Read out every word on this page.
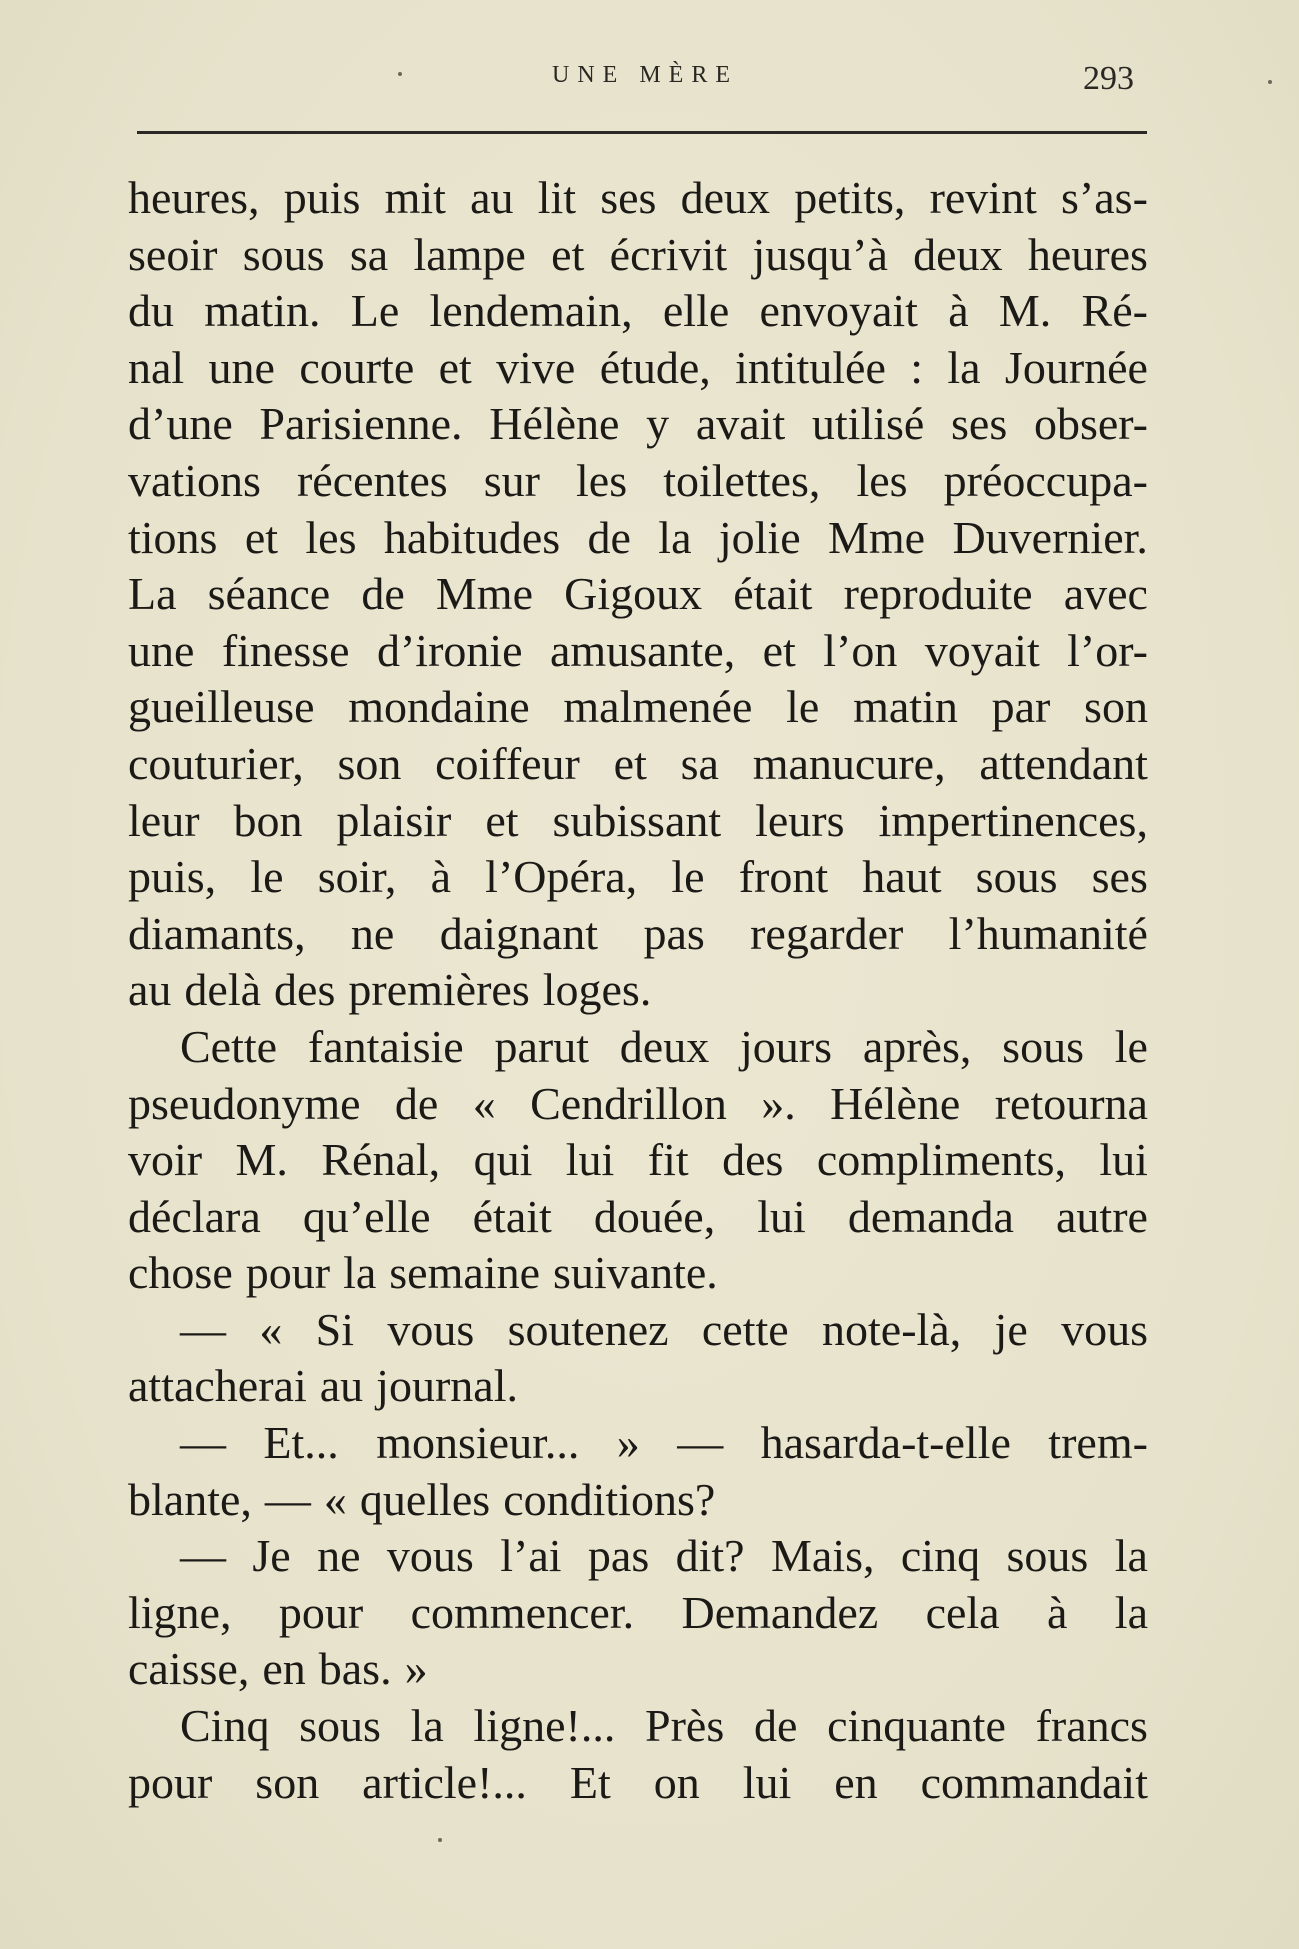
UNE MÈRE	293
heures, puis mit au lit ses deux petits, revint s’as-
seoir sous sa lampe et écrivit jusqu’à deux heures
du matin. Le lendemain, elle envoyait à M. Ré-
nal une courte et vive étude, intitulée : la Journée
d’une Parisienne. Hélène y avait utilisé ses obser-
vations récentes sur les toilettes, les préoccupa-
tions et les habitudes de la jolie Mme Duvernier.
La séance de Mme Gigoux était reproduite avec
une finesse d’ironie amusante, et l’on voyait l’or-
gueilleuse mondaine malmenée le matin par son
couturier, son coiffeur et sa manucure, attendant
leur bon plaisir et subissant leurs impertinences,
puis, le soir, à l’Opéra, le front haut sous ses
diamants, ne daignant pas regarder l’humanité
au delà des premières loges.
Cette fantaisie parut deux jours après, sous le
pseudonyme de « Cendrillon ». Hélène retourna
voir M. Rénal, qui lui fit des compliments, lui
déclara qu’elle était douée, lui demanda autre
chose pour la semaine suivante.
— « Si vous soutenez cette note-là, je vous
attacherai au journal.
— Et... monsieur... » — hasarda-t-elle trem-
blante, — « quelles conditions?
— Je ne vous l’ai pas dit? Mais, cinq sous la
ligne, pour commencer. Demandez cela à la
caisse, en bas. »
Cinq sous la ligne!... Près de cinquante francs
pour son article!... Et on lui en commandait
